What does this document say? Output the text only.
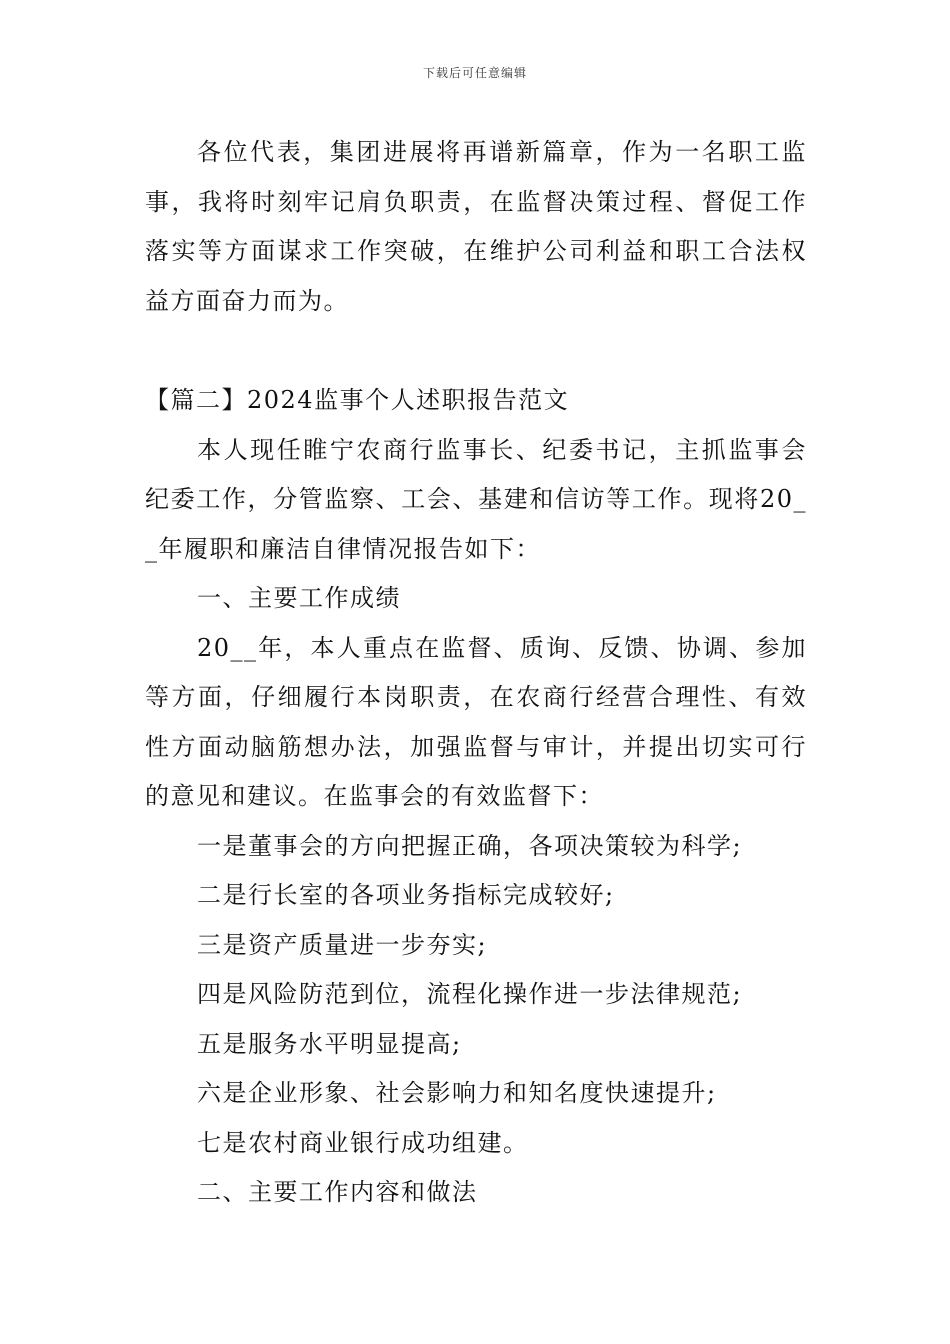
下载后可任意编辑

各位代表，集团进展将再谱新篇章，作为一名职工监事，我将时刻牢记肩负职责，在监督决策过程、督促工作落实等方面谋求工作突破，在维护公司利益和职工合法权益方面奋力而为。

【篇二】2024监事个人述职报告范文

本人现任睢宁农商行监事长、纪委书记，主抓监事会纪委工作，分管监察、工会、基建和信访等工作。现将20__年履职和廉洁自律情况报告如下：

一、主要工作成绩

20__年，本人重点在监督、质询、反馈、协调、参加等方面，仔细履行本岗职责，在农商行经营合理性、有效性方面动脑筋想办法，加强监督与审计，并提出切实可行的意见和建议。在监事会的有效监督下：

一是董事会的方向把握正确，各项决策较为科学;

二是行长室的各项业务指标完成较好;

三是资产质量进一步夯实;

四是风险防范到位，流程化操作进一步法律规范;

五是服务水平明显提高;

六是企业形象、社会影响力和知名度快速提升;

七是农村商业银行成功组建。

二、主要工作内容和做法
